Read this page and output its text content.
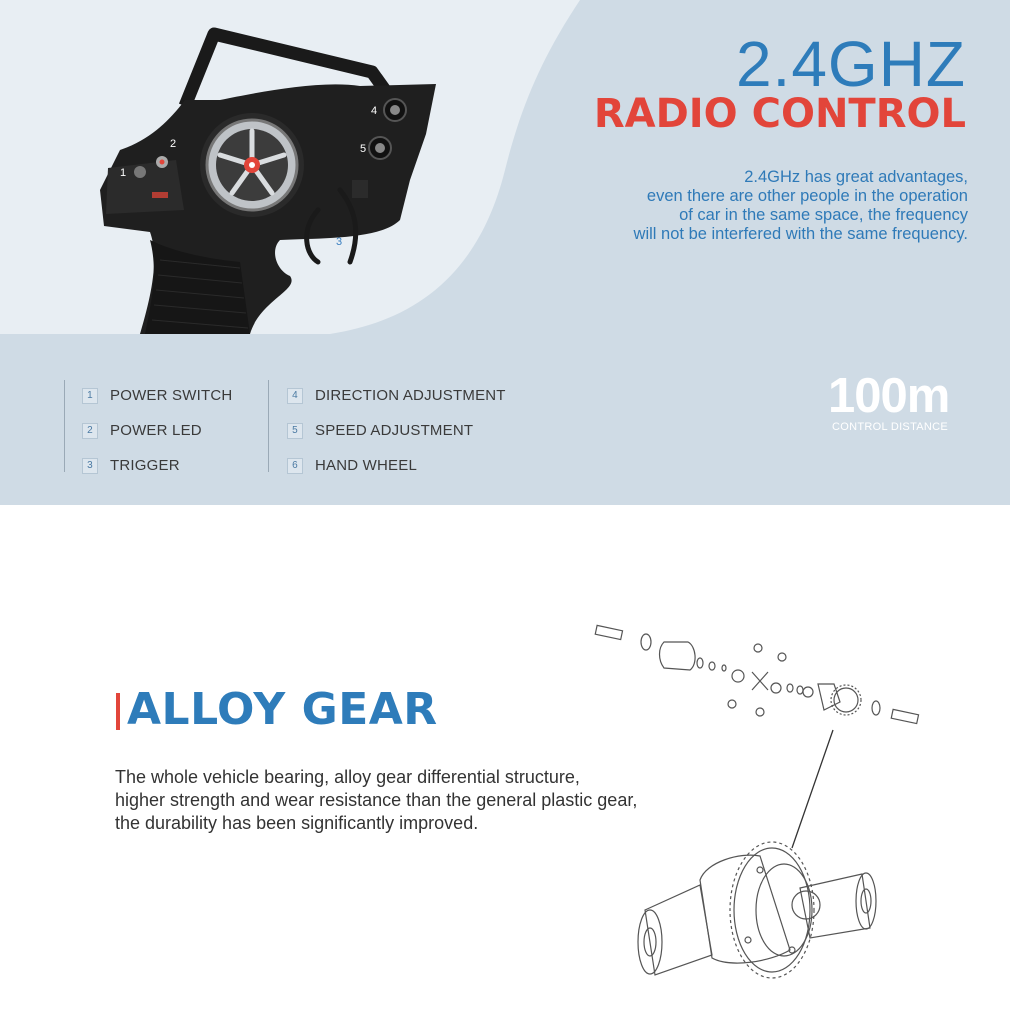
1
2
3
4
5
2.4GHZ
RADIO CONTROL
2.4GHz has great advantages,
even there are other people in the operation
of car in the same space, the frequency
will not be interfered with the same frequency.
1	POWER SWITCH
2	POWER LED
3	TRIGGER
4	DIRECTION ADJUSTMENT
5	SPEED ADJUSTMENT
6	HAND WHEEL
100m
CONTROL DISTANCE
ALLOY GEAR
The whole vehicle bearing, alloy gear differential structure,
higher strength and wear resistance than the general plastic gear,
the durability has been significantly improved.
